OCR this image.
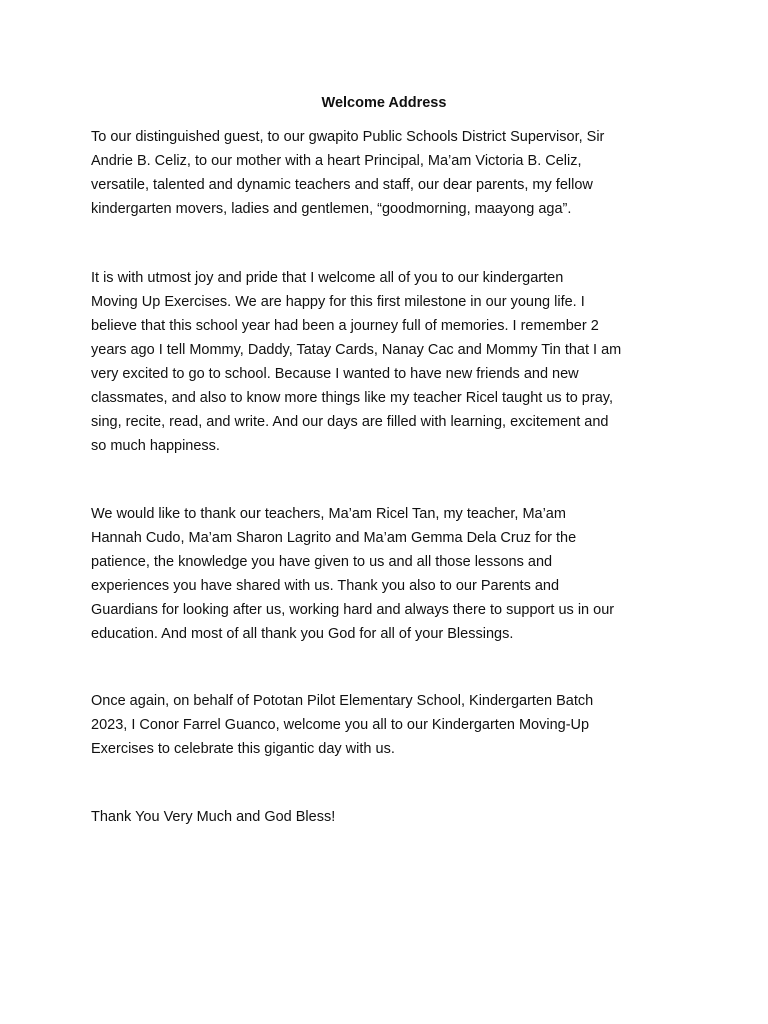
Welcome Address
To our distinguished guest, to our gwapito Public Schools District Supervisor, Sir
Andrie B. Celiz, to our mother with a heart Principal, Ma’am Victoria B. Celiz,
versatile, talented and dynamic teachers and staff, our dear parents, my fellow
kindergarten movers, ladies and gentlemen, “goodmorning, maayong aga”.
It is with utmost joy and pride that I welcome all of you to our kindergarten
Moving Up Exercises. We are happy for this first milestone in our young life. I
believe that this school year had been a journey full of memories. I remember 2
years ago I tell Mommy, Daddy, Tatay Cards, Nanay Cac and Mommy Tin that I am
very excited to go to school. Because I wanted to have new friends and new
classmates, and also to know more things like my teacher Ricel taught us to pray,
sing, recite, read, and write. And our days are filled with learning, excitement and
so much happiness.
We would like to thank our teachers, Ma’am Ricel Tan, my teacher, Ma’am
Hannah Cudo, Ma’am Sharon Lagrito and Ma’am Gemma Dela Cruz for the
patience, the knowledge you have given to us and all those lessons and
experiences you have shared with us. Thank you also to our Parents and
Guardians for looking after us, working hard and always there to support us in our
education. And most of all thank you God for all of your Blessings.
Once again, on behalf of Pototan Pilot Elementary School, Kindergarten Batch
2023, I Conor Farrel Guanco, welcome you all to our Kindergarten Moving-Up
Exercises to celebrate this gigantic day with us.
Thank You Very Much and God Bless!
